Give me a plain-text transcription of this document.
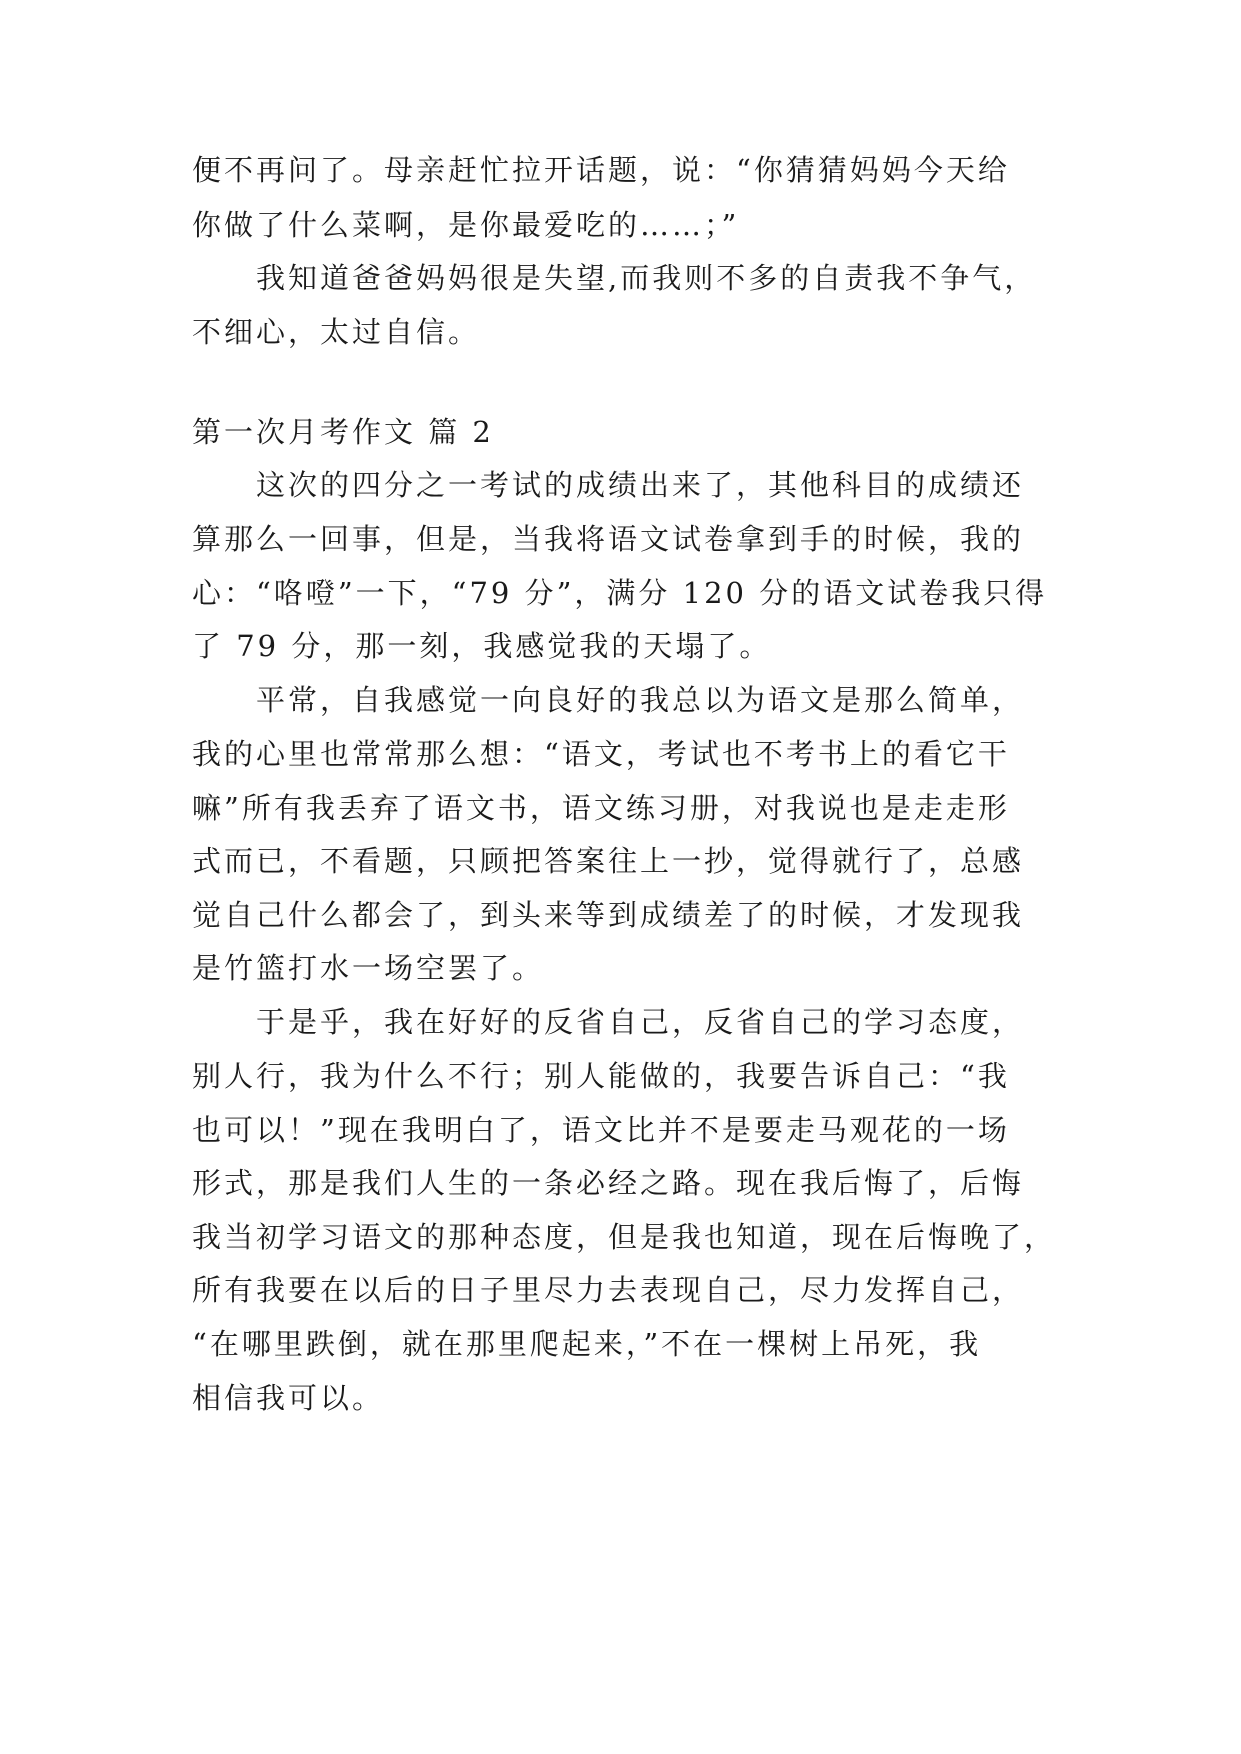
便不再问了。母亲赶忙拉开话题，说：“你猜猜妈妈今天给
你做了什么菜啊，是你最爱吃的……；”
我知道爸爸妈妈很是失望,而我则不多的自责我不争气，
不细心，太过自信。
第一次月考作文 篇 2
这次的四分之一考试的成绩出来了，其他科目的成绩还
算那么一回事，但是，当我将语文试卷拿到手的时候，我的
心：“咯噔”一下，“79 分”，满分 120 分的语文试卷我只得
了 79 分，那一刻，我感觉我的天塌了。
平常，自我感觉一向良好的我总以为语文是那么简单，
我的心里也常常那么想：“语文，考试也不考书上的看它干
嘛”所有我丢弃了语文书，语文练习册，对我说也是走走形
式而已，不看题，只顾把答案往上一抄，觉得就行了，总感
觉自己什么都会了，到头来等到成绩差了的时候，才发现我
是竹篮打水一场空罢了。
于是乎，我在好好的反省自己，反省自己的学习态度，
别人行，我为什么不行；别人能做的，我要告诉自己：“我
也可以！”现在我明白了，语文比并不是要走马观花的一场
形式，那是我们人生的一条必经之路。现在我后悔了，后悔
我当初学习语文的那种态度，但是我也知道，现在后悔晚了，
所有我要在以后的日子里尽力去表现自己，尽力发挥自己，
“在哪里跌倒，就在那里爬起来，”不在一棵树上吊死，我
相信我可以。
